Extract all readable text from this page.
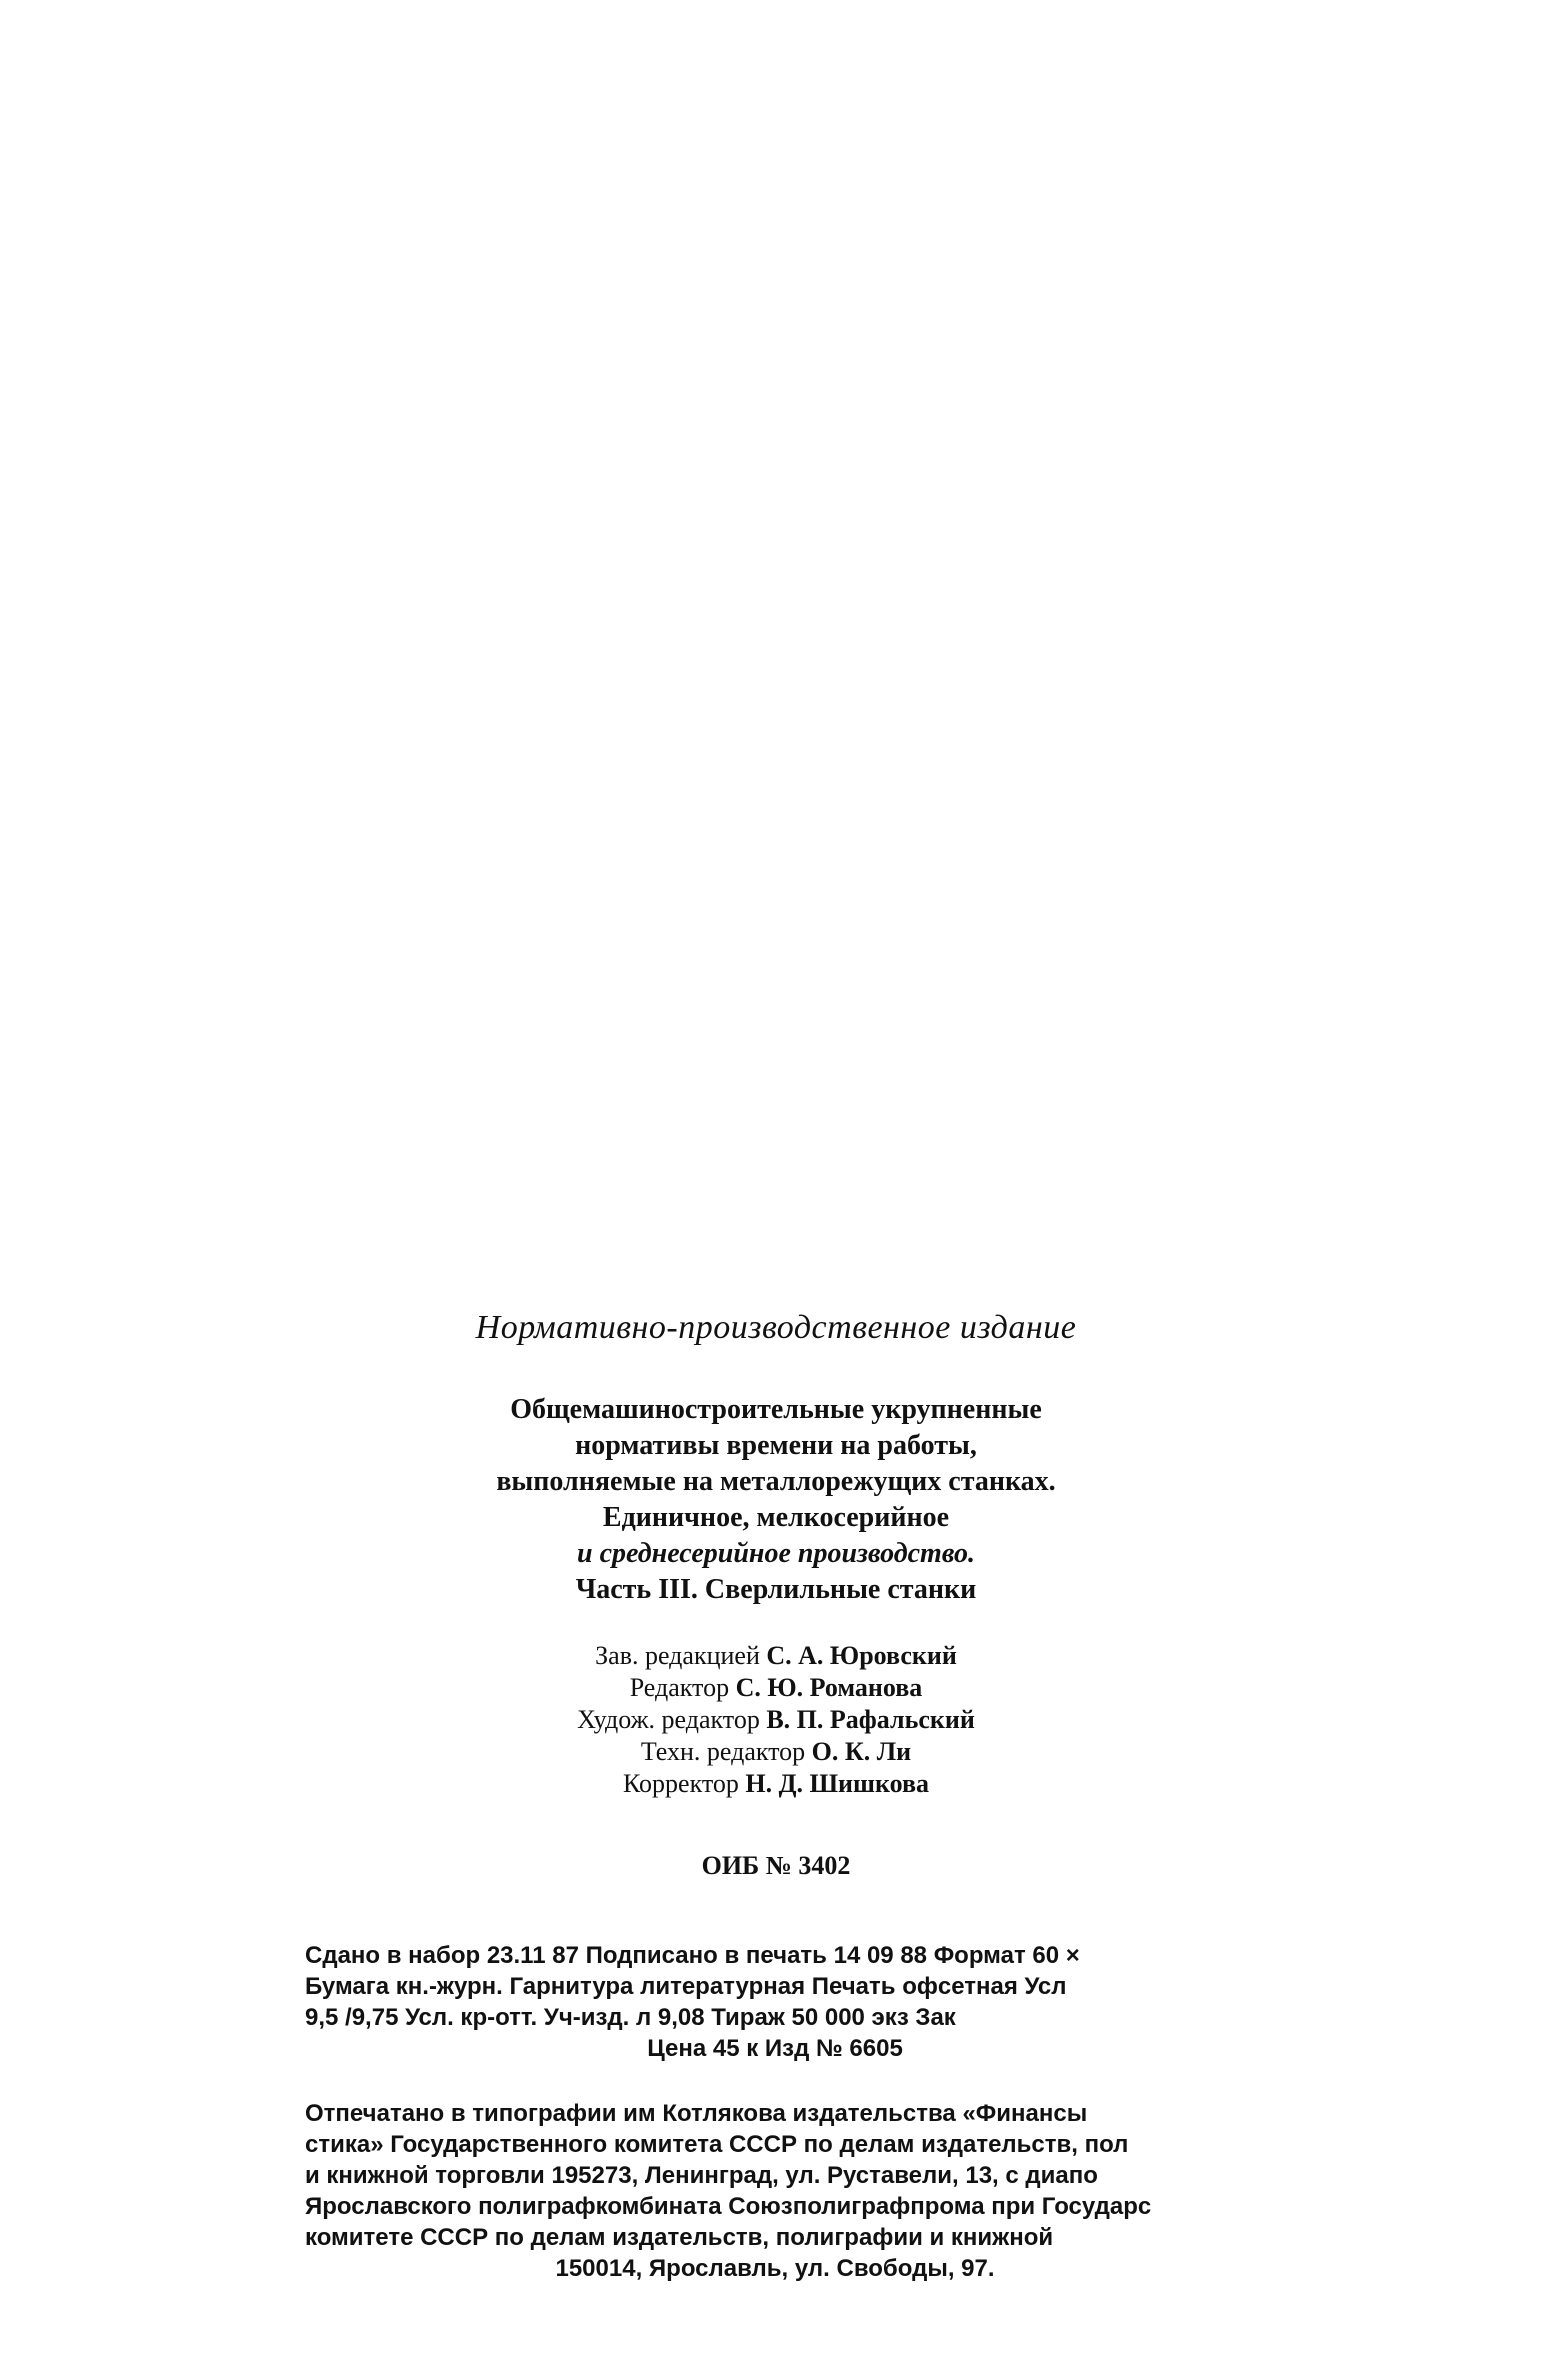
Нормативно-производственное издание
Общемашиностроительные укрупненные
нормативы времени на работы,
выполняемые на металлорежущих станках.
Единичное, мелкосерийное
и среднесерийное производство.
Часть III. Сверлильные станки
Зав. редакцией С. А. Юровский
Редактор С. Ю. Романова
Худож. редактор В. П. Рафальский
Техн. редактор О. К. Ли
Корректор Н. Д. Шишкова
ОИБ № 3402
Сдано в набор 23.11 87 Подписано в печать 14 09 88 Формат 60 ×
Бумага кн.-журн. Гарнитура литературная Печать офсетная Усл
9,5 /9,75 Усл. кр-отт. Уч-изд. л 9,08 Тираж 50 000 экз Зак
Цена 45 к Изд № 6605
Отпечатано в типографии им Котлякова издательства «Финансы
стика» Государственного комитета СССР по делам издательств, пол
и книжной торговли 195273, Ленинград, ул. Руставели, 13, с диапо
Ярославского полиграфкомбината Союзполиграфпрома при Государс
комитете СССР по делам издательств, полиграфии и книжной
150014, Ярославль, ул. Свободы, 97.
